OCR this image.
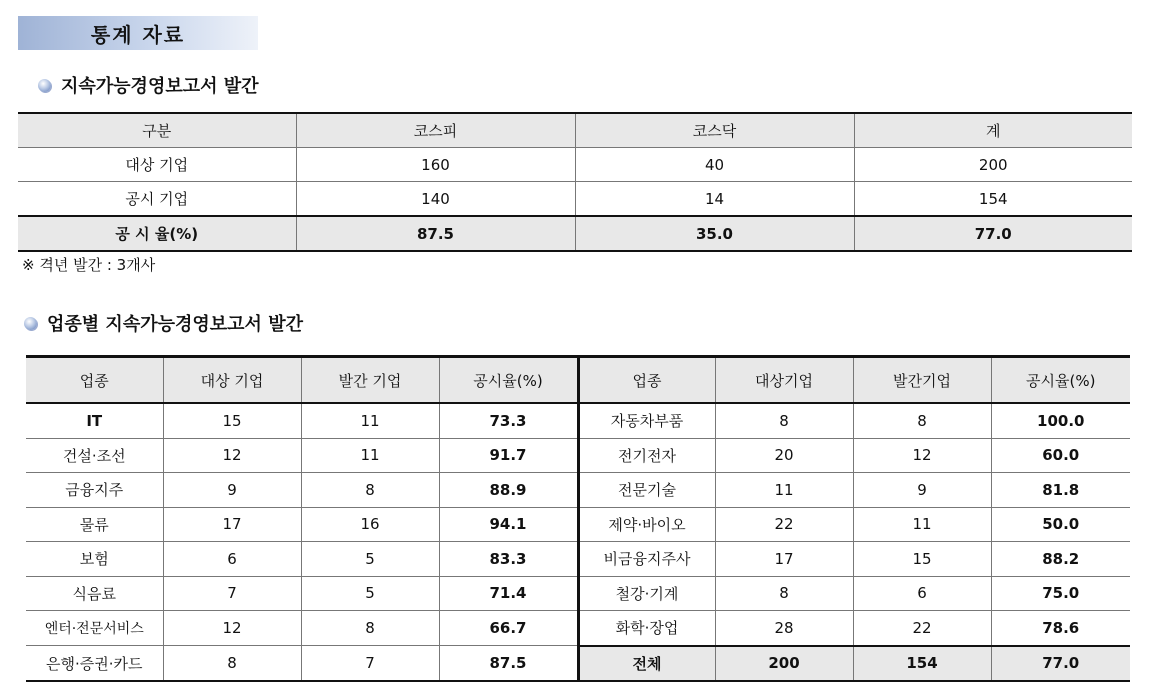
통계 자료
지속가능경영보고서 발간
구분	코스피	코스닥	계
대상 기업	160	40	200
공시 기업	140	14	154
공 시 율(%)	87.5	35.0	77.0
※ 격년 발간 : 3개사
업종별 지속가능경영보고서 발간
업종	대상 기업	발간 기업	공시율(%)	업종	대상기업	발간기업	공시율(%)
IT	15	11	73.3	자동차부품	8	8	100.0
건설·조선	12	11	91.7	전기전자	20	12	60.0
금융지주	9	8	88.9	전문기술	11	9	81.8
물류	17	16	94.1	제약·바이오	22	11	50.0
보험	6	5	83.3	비금융지주사	17	15	88.2
식음료	7	5	71.4	철강·기계	8	6	75.0
엔터·전문서비스	12	8	66.7	화학·장업	28	22	78.6
은행·증권·카드	8	7	87.5	전체	200	154	77.0
